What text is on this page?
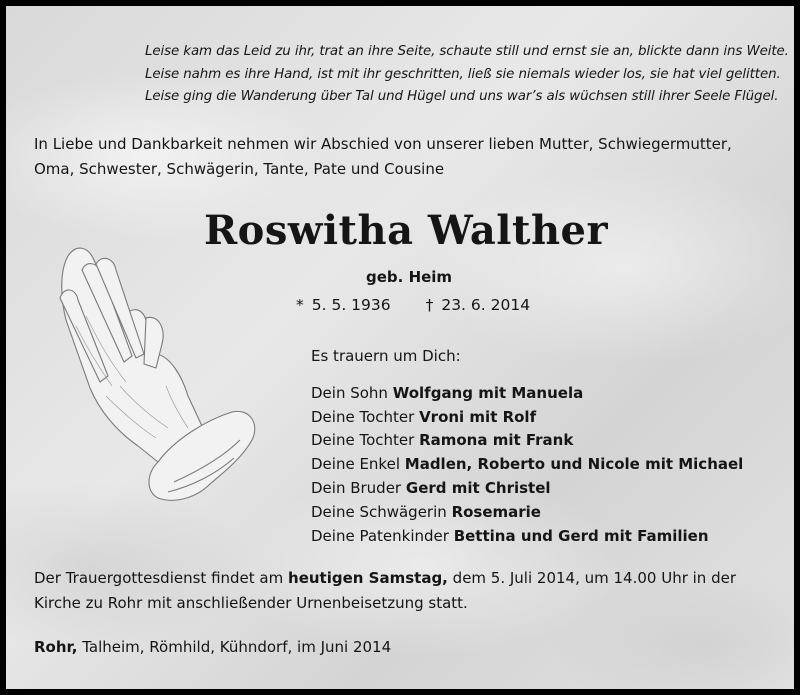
Leise kam das Leid zu ihr, trat an ihre Seite, schaute still und ernst sie an, blickte dann ins Weite.
Leise nahm es ihre Hand, ist mit ihr geschritten, ließ sie niemals wieder los, sie hat viel gelitten.
Leise ging die Wanderung über Tal und Hügel und uns war’s als wüchsen still ihrer Seele Flügel.
In Liebe und Dankbarkeit nehmen wir Abschied von unserer lieben Mutter, Schwiegermutter, Oma, Schwester, Schwägerin, Tante, Pate und Cousine
Roswitha Walther
geb. Heim
* 5. 5. 1936 † 23. 6. 2014
Es trauern um Dich:
Dein Sohn Wolfgang mit Manuela
Deine Tochter Vroni mit Rolf
Deine Tochter Ramona mit Frank
Deine Enkel Madlen, Roberto und Nicole mit Michael
Dein Bruder Gerd mit Christel
Deine Schwägerin Rosemarie
Deine Patenkinder Bettina und Gerd mit Familien
Der Trauergottesdienst findet am heutigen Samstag, dem 5. Juli 2014, um 14.00 Uhr in der Kirche zu Rohr mit anschließender Urnenbeisetzung statt.
Rohr, Talheim, Römhild, Kühndorf, im Juni 2014
